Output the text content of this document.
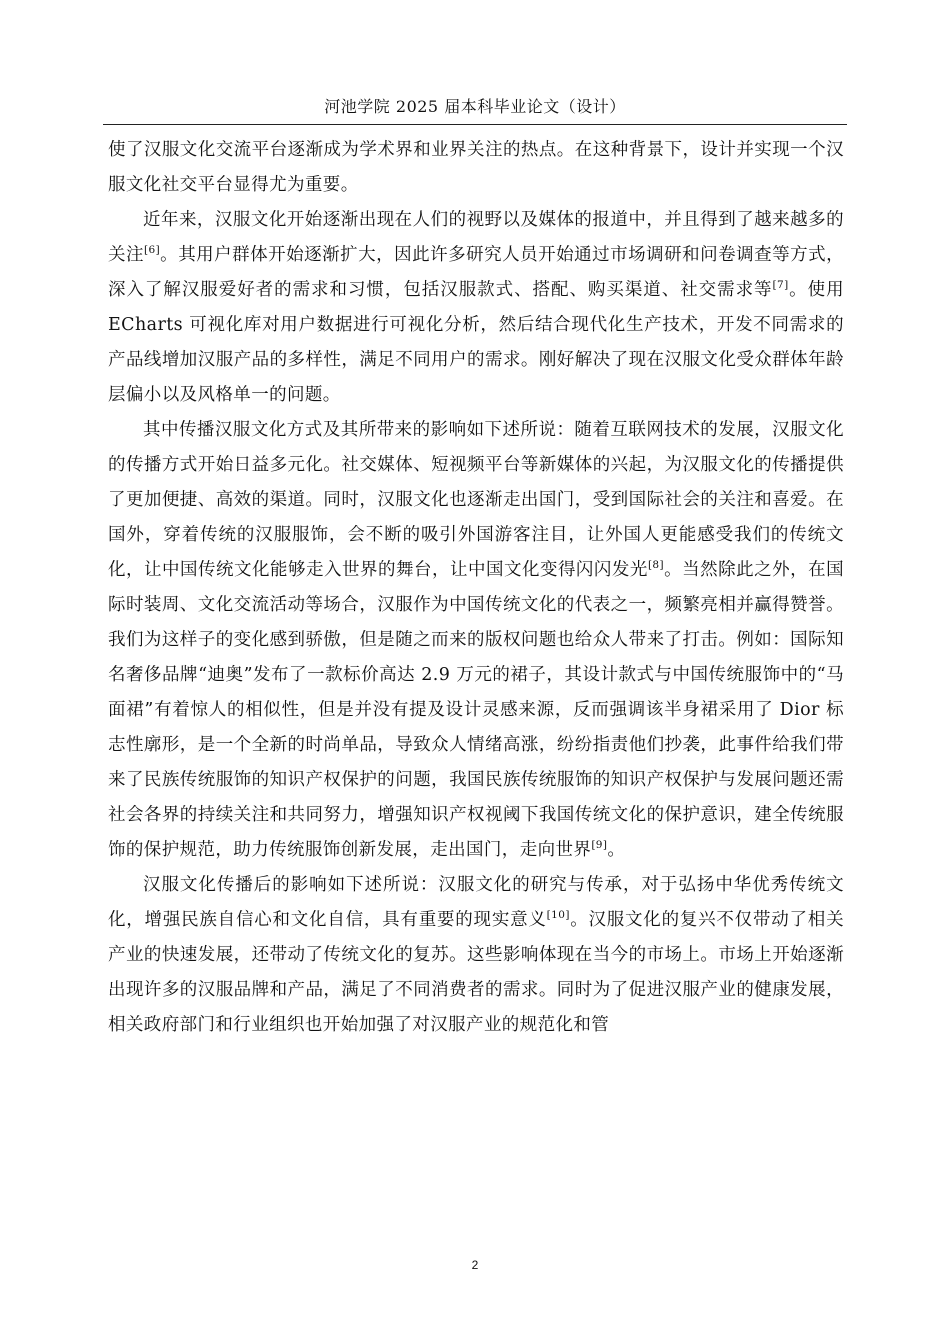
河池学院 2025 届本科毕业论文（设计）

使了汉服文化交流平台逐渐成为学术界和业界关注的热点。在这种背景下，设计并实现一个汉服文化社交平台显得尤为重要。

近年来，汉服文化开始逐渐出现在人们的视野以及媒体的报道中，并且得到了越来越多的关注[6]。其用户群体开始逐渐扩大，因此许多研究人员开始通过市场调研和问卷调查等方式，深入了解汉服爱好者的需求和习惯，包括汉服款式、搭配、购买渠道、社交需求等[7]。使用 ECharts 可视化库对用户数据进行可视化分析，然后结合现代化生产技术，开发不同需求的产品线增加汉服产品的多样性，满足不同用户的需求。刚好解决了现在汉服文化受众群体年龄层偏小以及风格单一的问题。

其中传播汉服文化方式及其所带来的影响如下述所说：随着互联网技术的发展，汉服文化的传播方式开始日益多元化。社交媒体、短视频平台等新媒体的兴起，为汉服文化的传播提供了更加便捷、高效的渠道。同时，汉服文化也逐渐走出国门，受到国际社会的关注和喜爱。在国外，穿着传统的汉服服饰，会不断的吸引外国游客注目，让外国人更能感受我们的传统文化，让中国传统文化能够走入世界的舞台，让中国文化变得闪闪发光[8]。当然除此之外，在国际时装周、文化交流活动等场合，汉服作为中国传统文化的代表之一，频繁亮相并赢得赞誉。我们为这样子的变化感到骄傲，但是随之而来的版权问题也给众人带来了打击。例如：国际知名奢侈品牌“迪奥”发布了一款标价高达 2.9 万元的裙子，其设计款式与中国传统服饰中的“马面裙”有着惊人的相似性，但是并没有提及设计灵感来源，反而强调该半身裙采用了 Dior 标志性廓形，是一个全新的时尚单品，导致众人情绪高涨，纷纷指责他们抄袭，此事件给我们带来了民族传统服饰的知识产权保护的问题，我国民族传统服饰的知识产权保护与发展问题还需社会各界的持续关注和共同努力，增强知识产权视阈下我国传统文化的保护意识，建全传统服饰的保护规范，助力传统服饰创新发展，走出国门，走向世界[9]。

汉服文化传播后的影响如下述所说：汉服文化的研究与传承，对于弘扬中华优秀传统文化，增强民族自信心和文化自信，具有重要的现实意义[10]。汉服文化的复兴不仅带动了相关产业的快速发展，还带动了传统文化的复苏。这些影响体现在当今的市场上。市场上开始逐渐出现许多的汉服品牌和产品，满足了不同消费者的需求。同时为了促进汉服产业的健康发展，相关政府部门和行业组织也开始加强了对汉服产业的规范化和管

2
